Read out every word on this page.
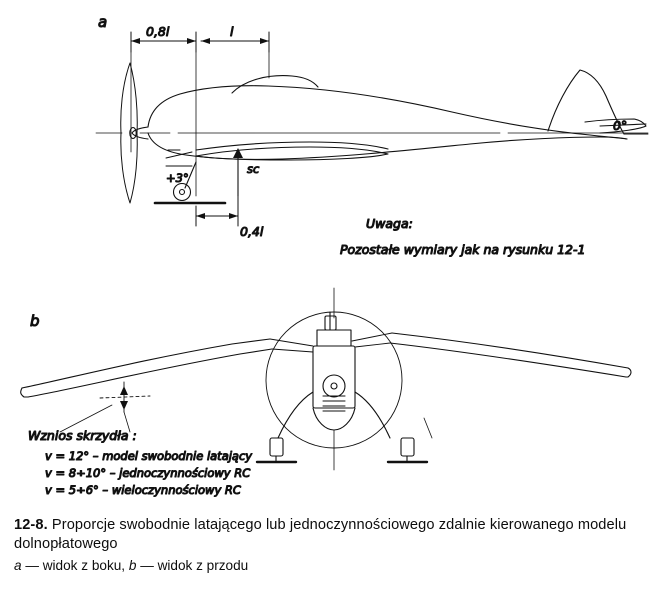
a
0,8l	l
+3°
sc
0,4l
0°
Uwaga:
Pozostałe wymiary jak na rysunku 12-1
b
Wznios skrzydła :
v = 12° – model swobodnie latający
v = 8÷10° – jednoczynnościowy RC
v = 5÷6° – wieloczynnościowy RC
12-8. Proporcje swobodnie latającego lub jednoczynnościowego zdalnie kierowanego modelu dolnopłatowego
a — widok z boku, b — widok z przodu
